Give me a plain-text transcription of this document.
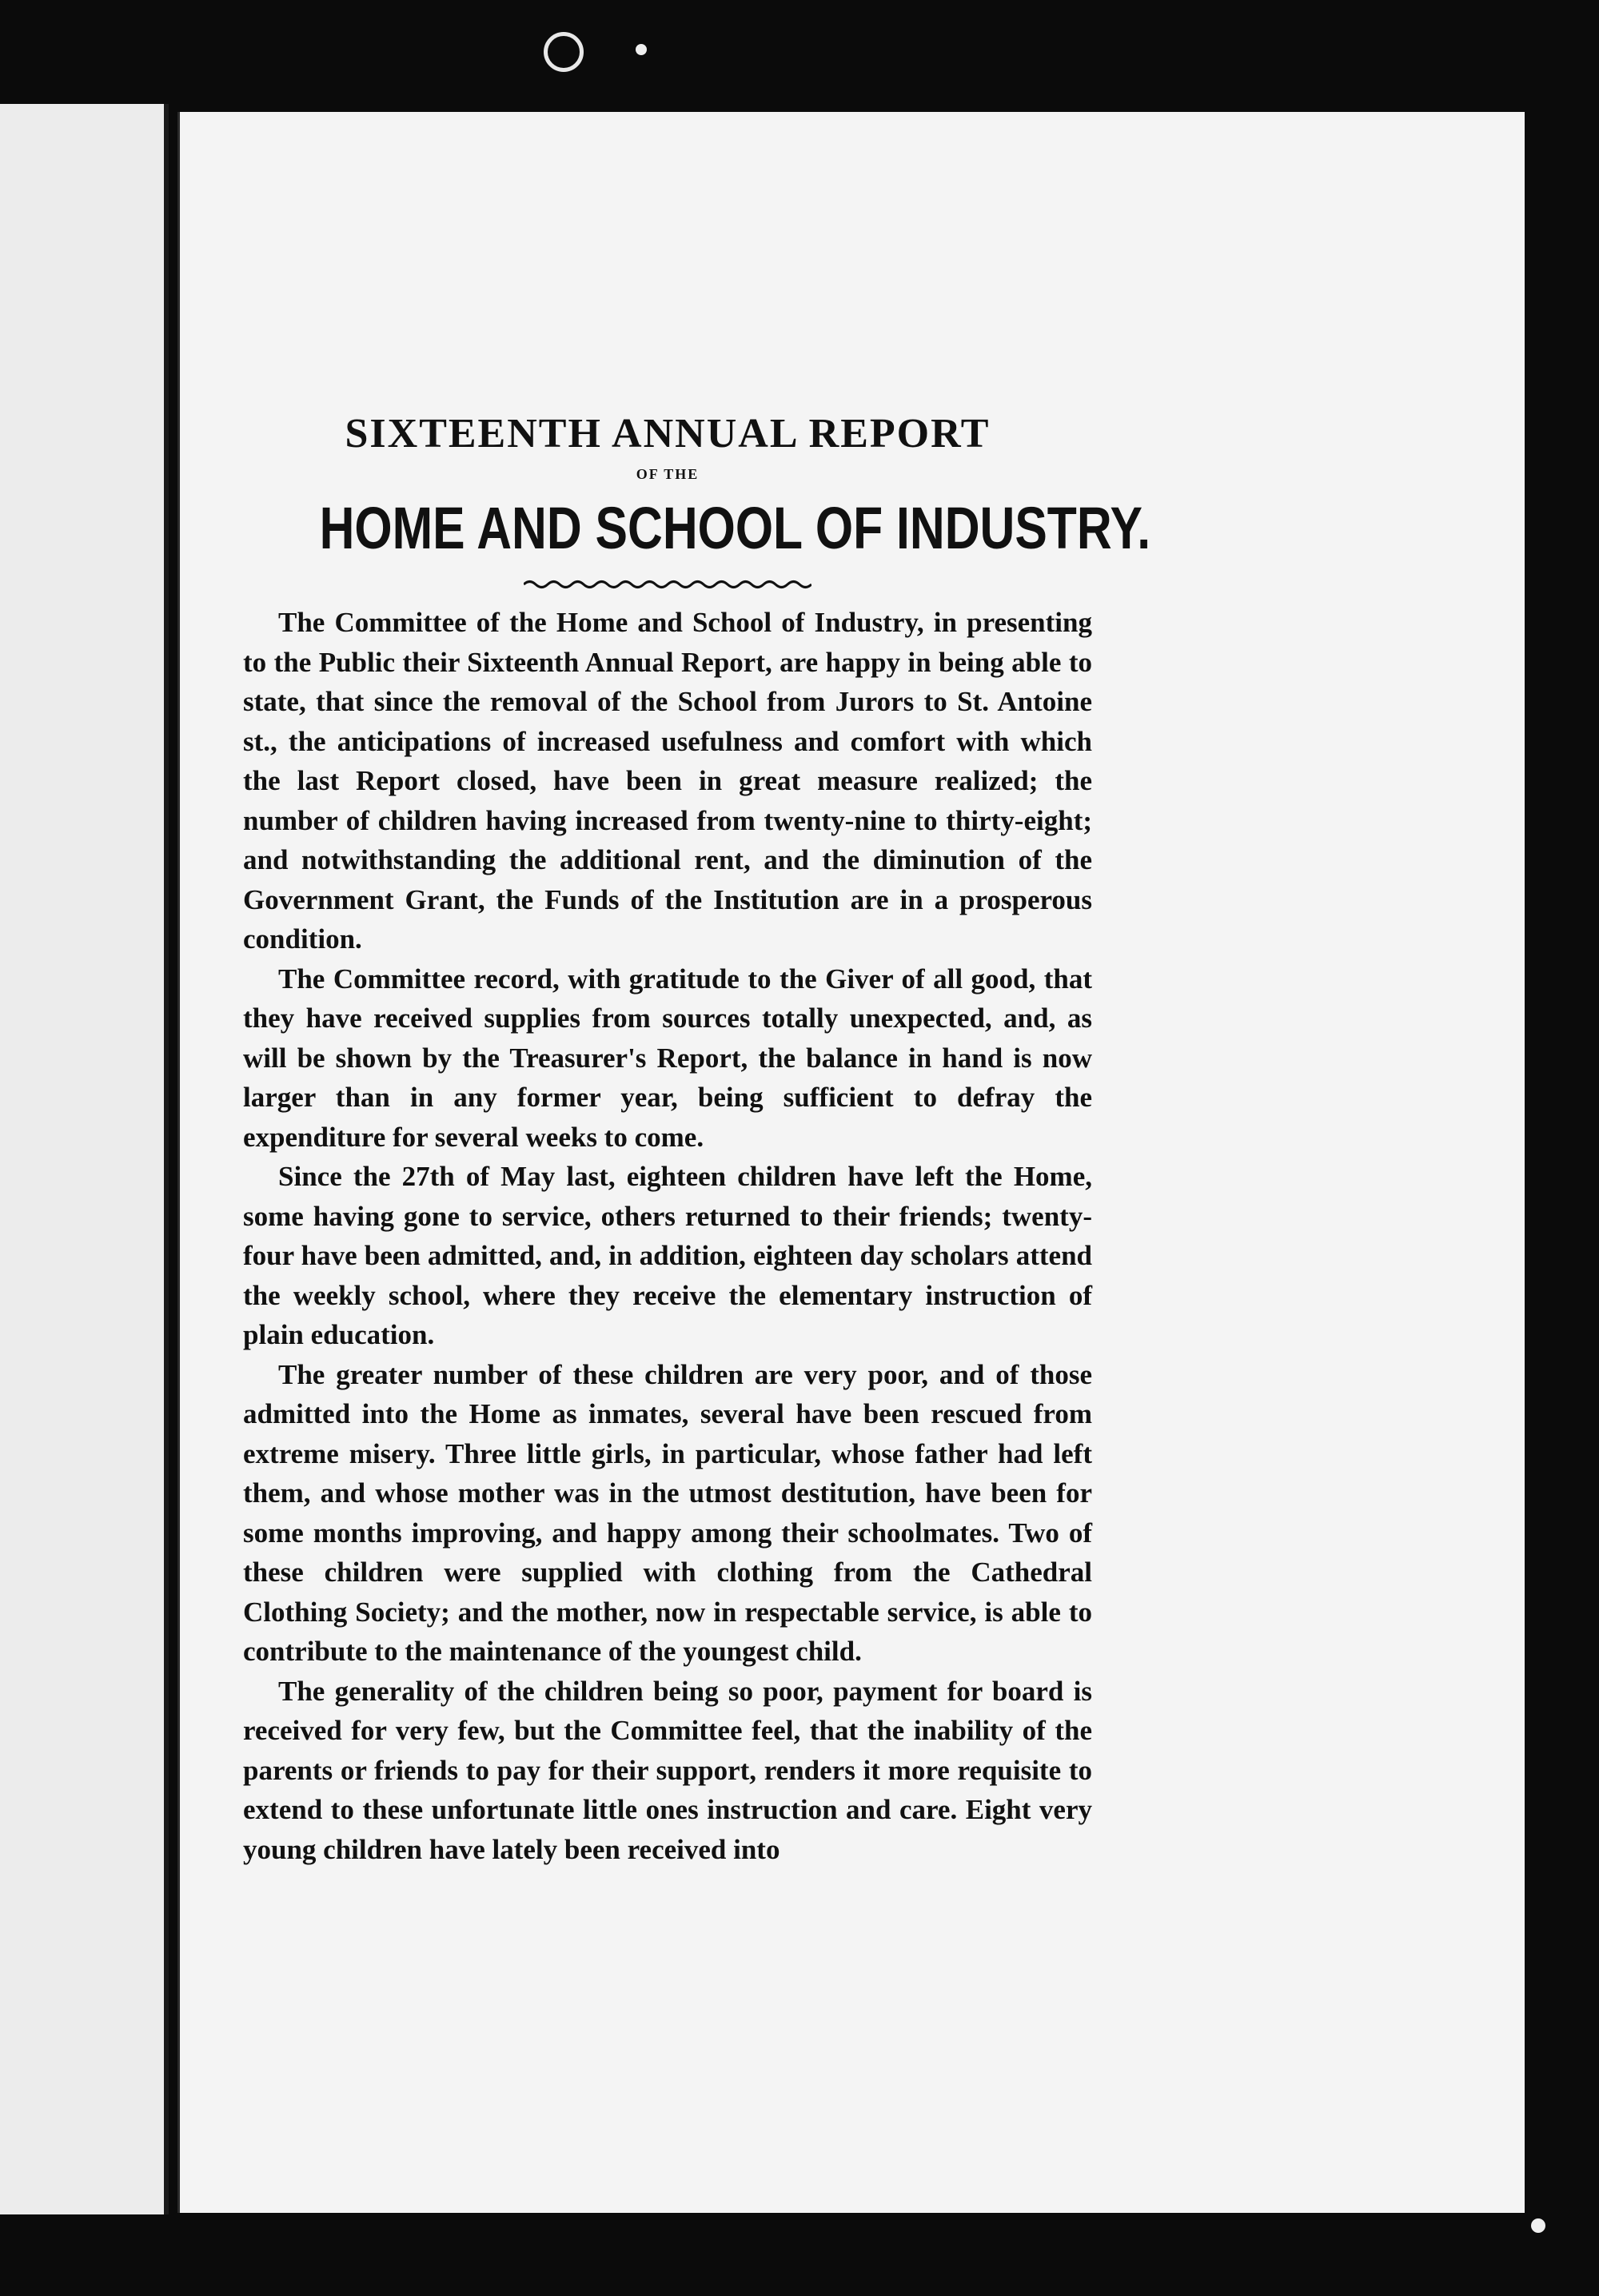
SIXTEENTH ANNUAL REPORT
OF THE
HOME AND SCHOOL OF INDUSTRY.

The Committee of the Home and School of Industry, in presenting to the Public their Sixteenth Annual Report, are happy in being able to state, that since the removal of the School from Jurors to St. Antoine st., the anticipations of increased usefulness and comfort with which the last Report closed, have been in great measure realized; the number of children having increased from twenty-nine to thirty-eight; and notwithstanding the additional rent, and the diminution of the Government Grant, the Funds of the Institution are in a prosperous condition.

The Committee record, with gratitude to the Giver of all good, that they have received supplies from sources totally unexpected, and, as will be shown by the Treasurer's Report, the balance in hand is now larger than in any former year, being sufficient to defray the expenditure for several weeks to come.

Since the 27th of May last, eighteen children have left the Home, some having gone to service, others returned to their friends; twenty-four have been admitted, and, in addition, eighteen day scholars attend the weekly school, where they receive the elementary instruction of plain education.

The greater number of these children are very poor, and of those admitted into the Home as inmates, several have been rescued from extreme misery. Three little girls, in particular, whose father had left them, and whose mother was in the utmost destitution, have been for some months improving, and happy among their schoolmates. Two of these children were supplied with clothing from the Cathedral Clothing Society; and the mother, now in respectable service, is able to contribute to the maintenance of the youngest child.

The generality of the children being so poor, payment for board is received for very few, but the Committee feel, that the inability of the parents or friends to pay for their support, renders it more requisite to extend to these unfortunate little ones instruction and care. Eight very young children have lately been received into
